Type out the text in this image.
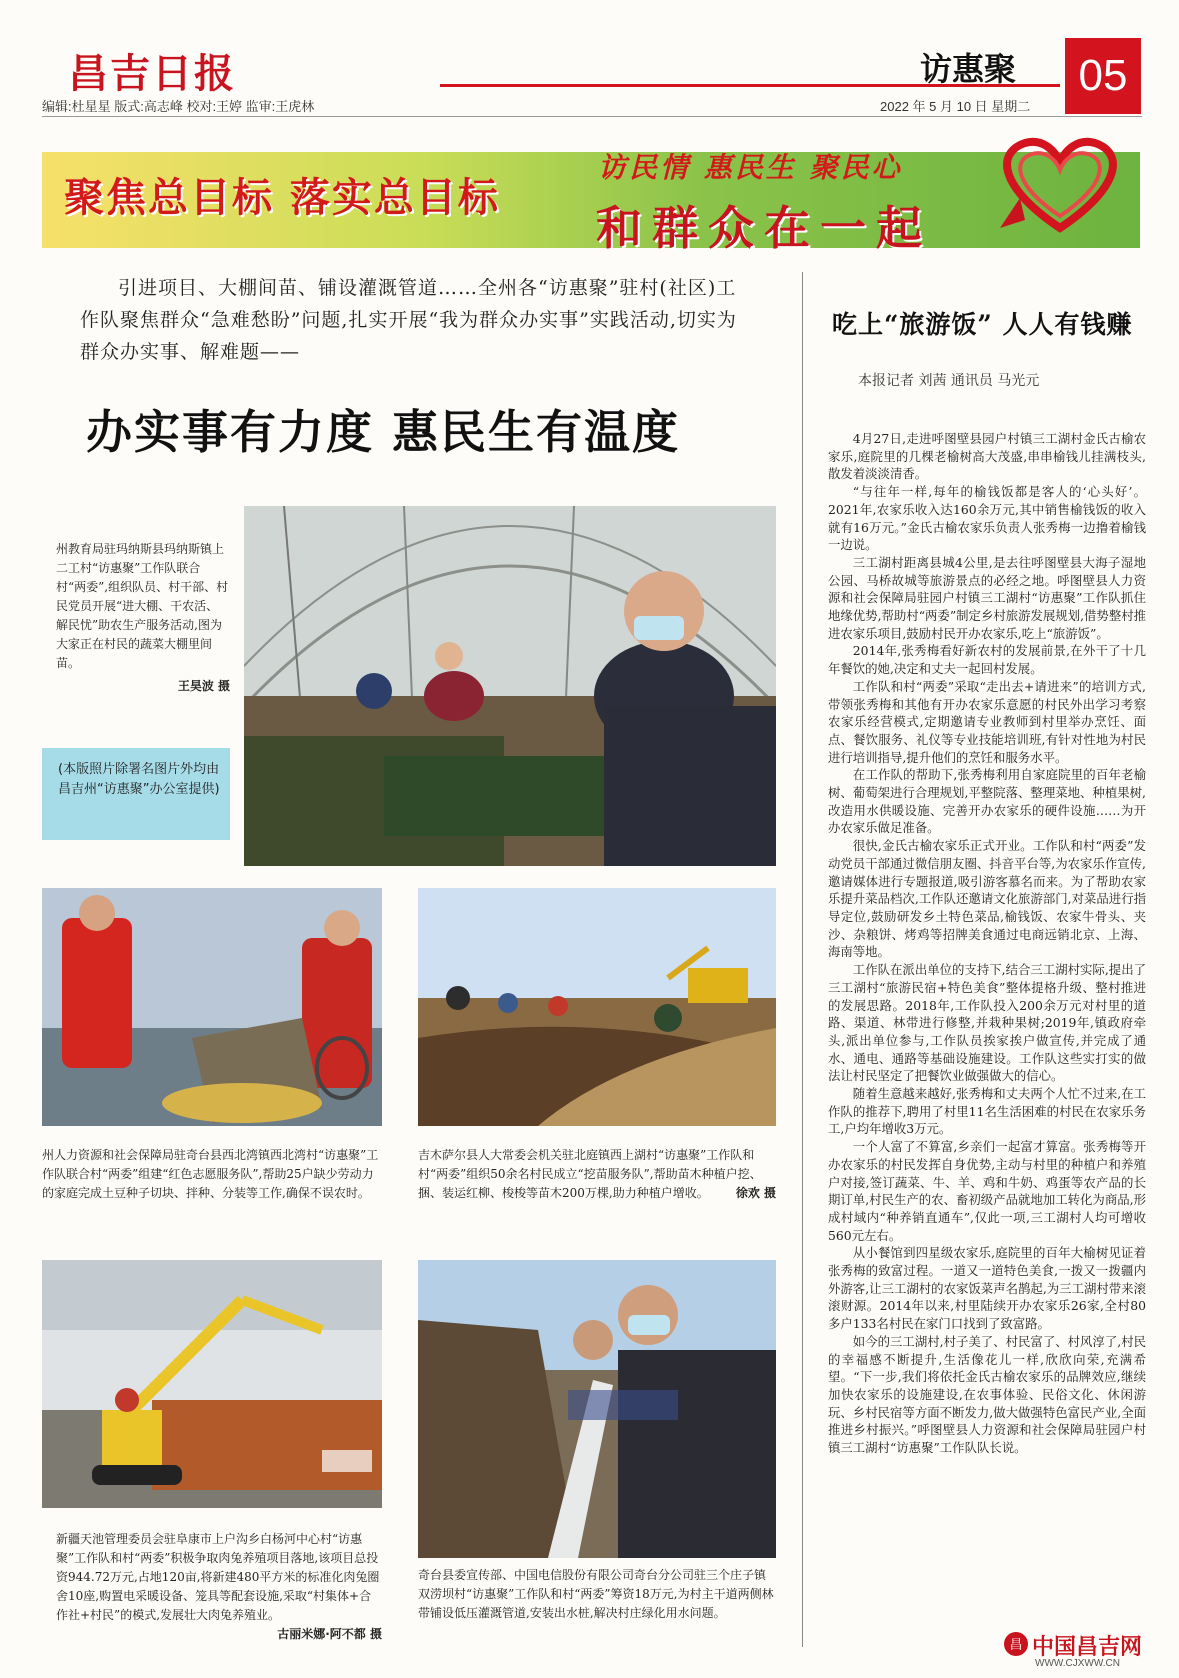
昌吉日报	访惠聚	05
编辑:杜星星 版式:高志峰 校对:王婷 监审:王虎林	2022 年 5 月 10 日 星期二
聚焦总目标 落实总目标
访民情 惠民生 聚民心
和群众在一起
引进项目、大棚间苗、铺设灌溉管道……全州各“访惠聚”驻村(社区)工作队聚焦群众“急难愁盼”问题,扎实开展“我为群众办实事”实践活动,切实为群众办实事、解难题——
办实事有力度 惠民生有温度
州教育局驻玛纳斯县玛纳斯镇上二工村“访惠聚”工作队联合村“两委”,组织队员、村干部、村民党员开展“进大棚、干农活、解民忧”助农生产服务活动,图为大家正在村民的蔬菜大棚里间苗。
王昊波 摄
(本版照片除署名图片外均由昌吉州“访惠聚”办公室提供)
州人力资源和社会保障局驻奇台县西北湾镇西北湾村“访惠聚”工作队联合村“两委”组建“红色志愿服务队”,帮助25户缺少劳动力的家庭完成土豆种子切块、拌种、分装等工作,确保不误农时。
吉木萨尔县人大常委会机关驻北庭镇西上湖村“访惠聚”工作队和村“两委”组织50余名村民成立“挖苗服务队”,帮助苗木种植户挖、捆、装运红柳、梭梭等苗木200万棵,助力种植户增收。 徐欢 摄
新疆天池管理委员会驻阜康市上户沟乡白杨河中心村“访惠聚”工作队和村“两委”积极争取肉兔养殖项目落地,该项目总投资944.72万元,占地120亩,将新建480平方米的标准化肉兔圈舍10座,购置电采暖设备、笼具等配套设施,采取“村集体+合作社+村民”的模式,发展壮大肉兔养殖业。
古丽米娜·阿不都 摄
奇台县委宣传部、中国电信股份有限公司奇台分公司驻三个庄子镇双涝坝村“访惠聚”工作队和村“两委”筹资18万元,为村主干道两侧林带铺设低压灌溉管道,安装出水桩,解决村庄绿化用水问题。
吃上“旅游饭” 人人有钱赚
本报记者 刘茜 通讯员 马光元

4月27日,走进呼图壁县园户村镇三工湖村金氏古榆农家乐,庭院里的几棵老榆树高大茂盛,串串榆钱儿挂满枝头,散发着淡淡清香。

“与往年一样,每年的榆钱饭都是客人的‘心头好’。2021年,农家乐收入达160余万元,其中销售榆钱饭的收入就有16万元。”金氏古榆农家乐负责人张秀梅一边撸着榆钱一边说。

三工湖村距离县城4公里,是去往呼图壁县大海子湿地公园、马桥故城等旅游景点的必经之地。呼图壁县人力资源和社会保障局驻园户村镇三工湖村“访惠聚”工作队抓住地缘优势,帮助村“两委”制定乡村旅游发展规划,借势整村推进农家乐项目,鼓励村民开办农家乐,吃上“旅游饭”。

2014年,张秀梅看好新农村的发展前景,在外干了十几年餐饮的她,决定和丈夫一起回村发展。

工作队和村“两委”采取“走出去+请进来”的培训方式,带领张秀梅和其他有开办农家乐意愿的村民外出学习考察农家乐经营模式,定期邀请专业教师到村里举办烹饪、面点、餐饮服务、礼仪等专业技能培训班,有针对性地为村民进行培训指导,提升他们的烹饪和服务水平。

在工作队的帮助下,张秀梅利用自家庭院里的百年老榆树、葡萄架进行合理规划,平整院落、整理菜地、种植果树,改造用水供暖设施、完善开办农家乐的硬件设施……为开办农家乐做足准备。

很快,金氏古榆农家乐正式开业。工作队和村“两委”发动党员干部通过微信朋友圈、抖音平台等,为农家乐作宣传,邀请媒体进行专题报道,吸引游客慕名而来。为了帮助农家乐提升菜品档次,工作队还邀请文化旅游部门,对菜品进行指导定位,鼓励研发乡土特色菜品,榆钱饭、农家牛骨头、夹沙、杂粮饼、烤鸡等招牌美食通过电商远销北京、上海、海南等地。

工作队在派出单位的支持下,结合三工湖村实际,提出了三工湖村“旅游民宿+特色美食”整体提格升级、整村推进的发展思路。2018年,工作队投入200余万元对村里的道路、渠道、林带进行修整,并栽种果树;2019年,镇政府牵头,派出单位参与,工作队员挨家挨户做宣传,并完成了通水、通电、通路等基础设施建设。工作队这些实打实的做法让村民坚定了把餐饮业做强做大的信心。

随着生意越来越好,张秀梅和丈夫两个人忙不过来,在工作队的推荐下,聘用了村里11名生活困难的村民在农家乐务工,户均年增收3万元。

一个人富了不算富,乡亲们一起富才算富。张秀梅等开办农家乐的村民发挥自身优势,主动与村里的种植户和养殖户对接,签订蔬菜、牛、羊、鸡和牛奶、鸡蛋等农产品的长期订单,村民生产的农、畜初级产品就地加工转化为商品,形成村域内“种养销直通车”,仅此一项,三工湖村人均可增收560元左右。

从小餐馆到四星级农家乐,庭院里的百年大榆树见证着张秀梅的致富过程。一道又一道特色美食,一拨又一拨疆内外游客,让三工湖村的农家饭菜声名鹊起,为三工湖村带来滚滚财源。2014年以来,村里陆续开办农家乐26家,全村80多户133名村民在家门口找到了致富路。

如今的三工湖村,村子美了、村民富了、村风淳了,村民的幸福感不断提升,生活像花儿一样,欣欣向荣,充满希望。“下一步,我们将依托金氏古榆农家乐的品牌效应,继续加快农家乐的设施建设,在农事体验、民俗文化、休闲游玩、乡村民宿等方面不断发力,做大做强特色富民产业,全面推进乡村振兴。”呼图壁县人力资源和社会保障局驻园户村镇三工湖村“访惠聚”工作队队长说。

昌 中国昌吉网
WWW.CJXWW.CN
